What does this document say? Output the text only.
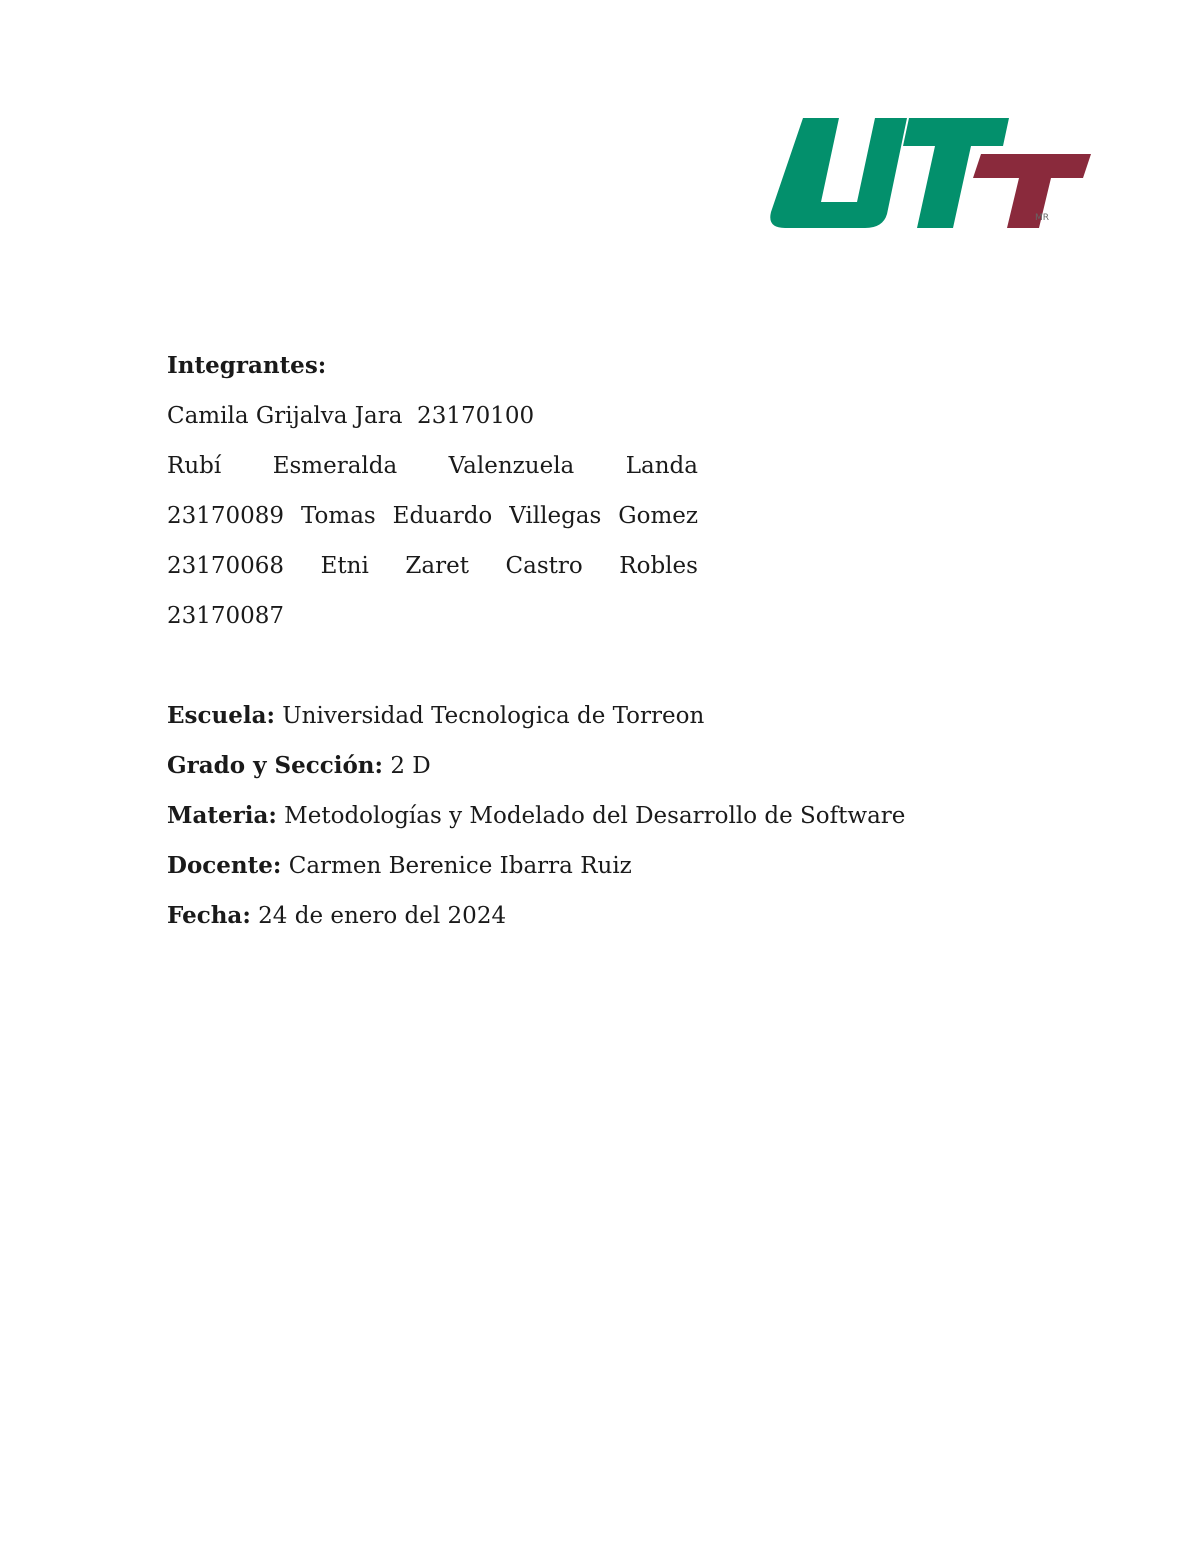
MR
Integrantes:
Camila Grijalva Jara  23170100
Rubí Esmeralda Valenzuela Landa
23170089 Tomas Eduardo Villegas Gomez
23170068 Etni Zaret Castro Robles
23170087
Escuela: Universidad Tecnologica de Torreon
Grado y Sección: 2 D
Materia: Metodologías y Modelado del Desarrollo de Software
Docente: Carmen Berenice Ibarra Ruiz
Fecha: 24 de enero del 2024
